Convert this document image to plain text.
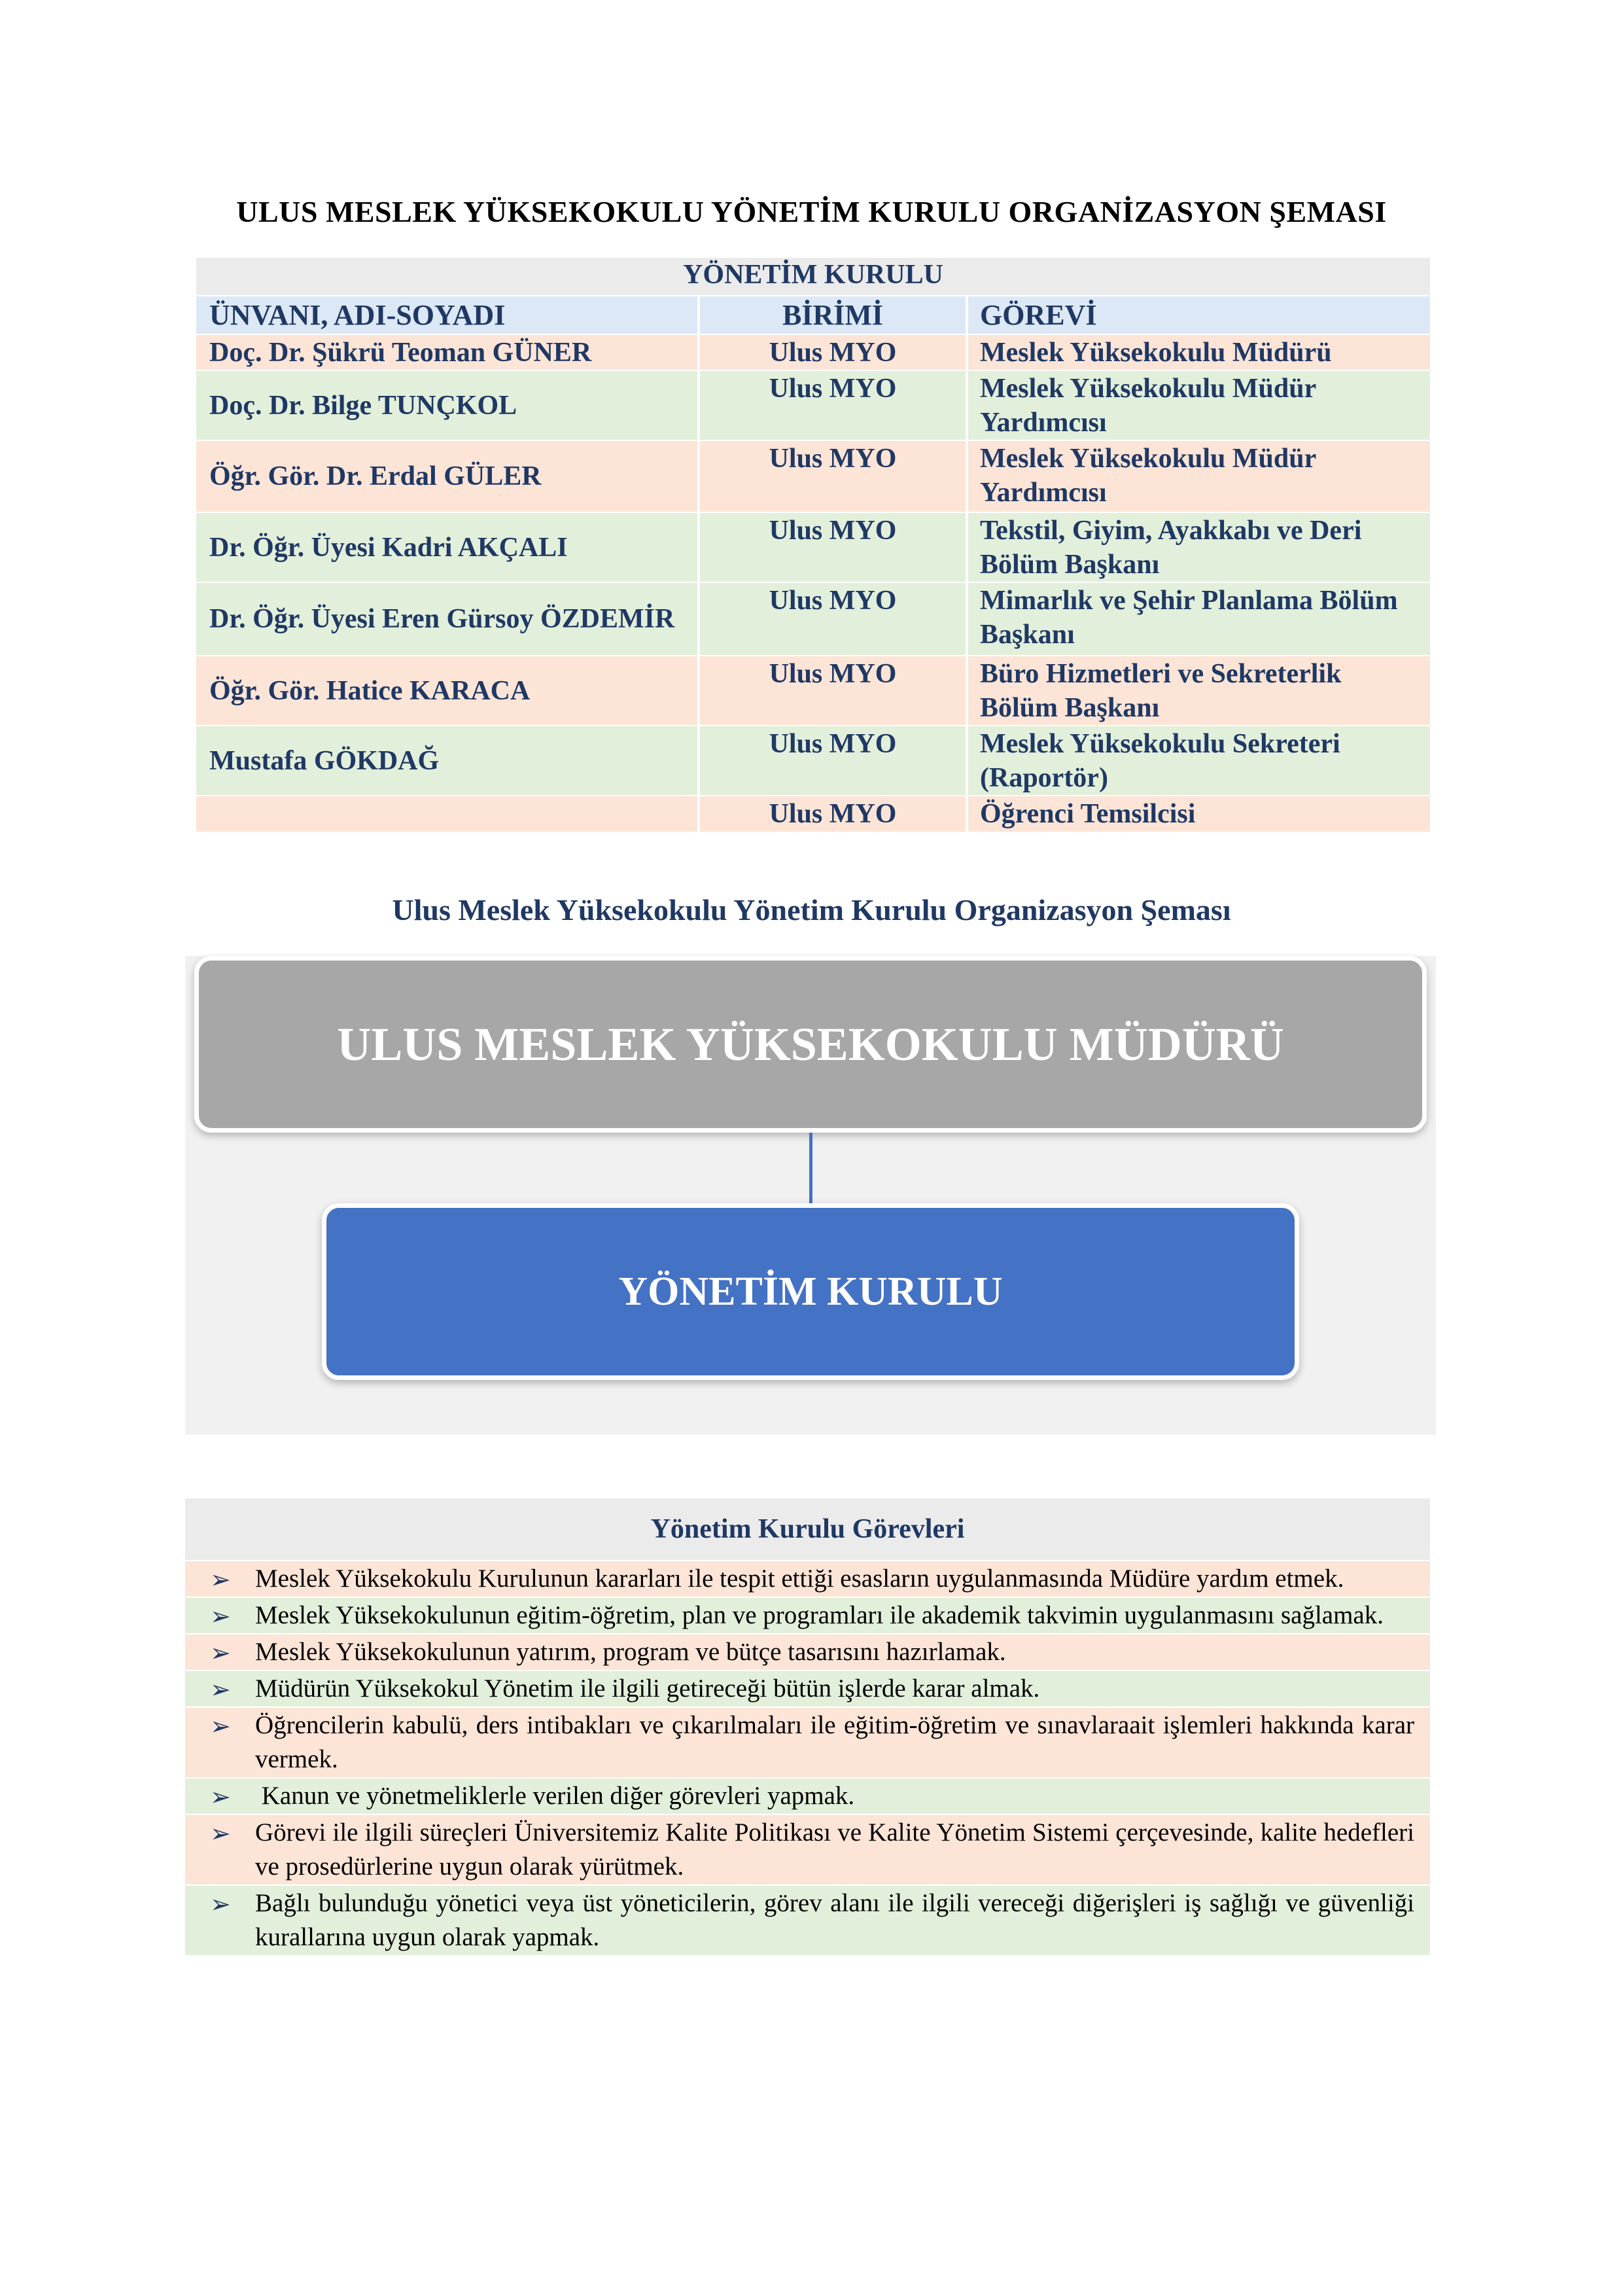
ULUS MESLEK YÜKSEKOKULU YÖNETİM KURULU ORGANİZASYON ŞEMASI
YÖNETİM KURULU		
ÜNVANI, ADI-SOYADI	BİRİMİ	GÖREVİ
Doç. Dr. Şükrü Teoman GÜNER	Ulus MYO	Meslek Yüksekokulu Müdürü
Doç. Dr. Bilge TUNÇKOL	Ulus MYO	Meslek Yüksekokulu Müdür Yardımcısı
Öğr. Gör. Dr. Erdal GÜLER	Ulus MYO	Meslek Yüksekokulu Müdür Yardımcısı
Dr. Öğr. Üyesi Kadri AKÇALI	Ulus MYO	Tekstil, Giyim, Ayakkabı ve Deri Bölüm Başkanı
Dr. Öğr. Üyesi Eren Gürsoy ÖZDEMİR	Ulus MYO	Mimarlık ve Şehir Planlama Bölüm Başkanı
Öğr. Gör. Hatice KARACA	Ulus MYO	Büro Hizmetleri ve Sekreterlik Bölüm Başkanı
Mustafa GÖKDAĞ	Ulus MYO	Meslek Yüksekokulu Sekreteri (Raportör)
	Ulus MYO	Öğrenci Temsilcisi
Ulus Meslek Yüksekokulu Yönetim Kurulu Organizasyon Şeması
ULUS MESLEK YÜKSEKOKULU MÜDÜRÜ
YÖNETİM KURULU
Yönetim Kurulu Görevleri
➢ Meslek Yüksekokulu Kurulunun kararları ile tespit ettiği esasların uygulanmasında Müdüre yardım etmek.
➢ Meslek Yüksekokulunun eğitim-öğretim, plan ve programları ile akademik takvimin uygulanmasını sağlamak.
➢ Meslek Yüksekokulunun yatırım, program ve bütçe tasarısını hazırlamak.
➢ Müdürün Yüksekokul Yönetim ile ilgili getireceği bütün işlerde karar almak.
➢ Öğrencilerin kabulü, ders intibakları ve çıkarılmaları ile eğitim-öğretim ve sınavlaraait işlemleri hakkında karar vermek.
➢ Kanun ve yönetmeliklerle verilen diğer görevleri yapmak.
➢ Görevi ile ilgili süreçleri Üniversitemiz Kalite Politikası ve Kalite Yönetim Sistemi çerçevesinde, kalite hedefleri ve prosedürlerine uygun olarak yürütmek.
➢ Bağlı bulunduğu yönetici veya üst yöneticilerin, görev alanı ile ilgili vereceği diğerişleri iş sağlığı ve güvenliği kurallarına uygun olarak yapmak.
